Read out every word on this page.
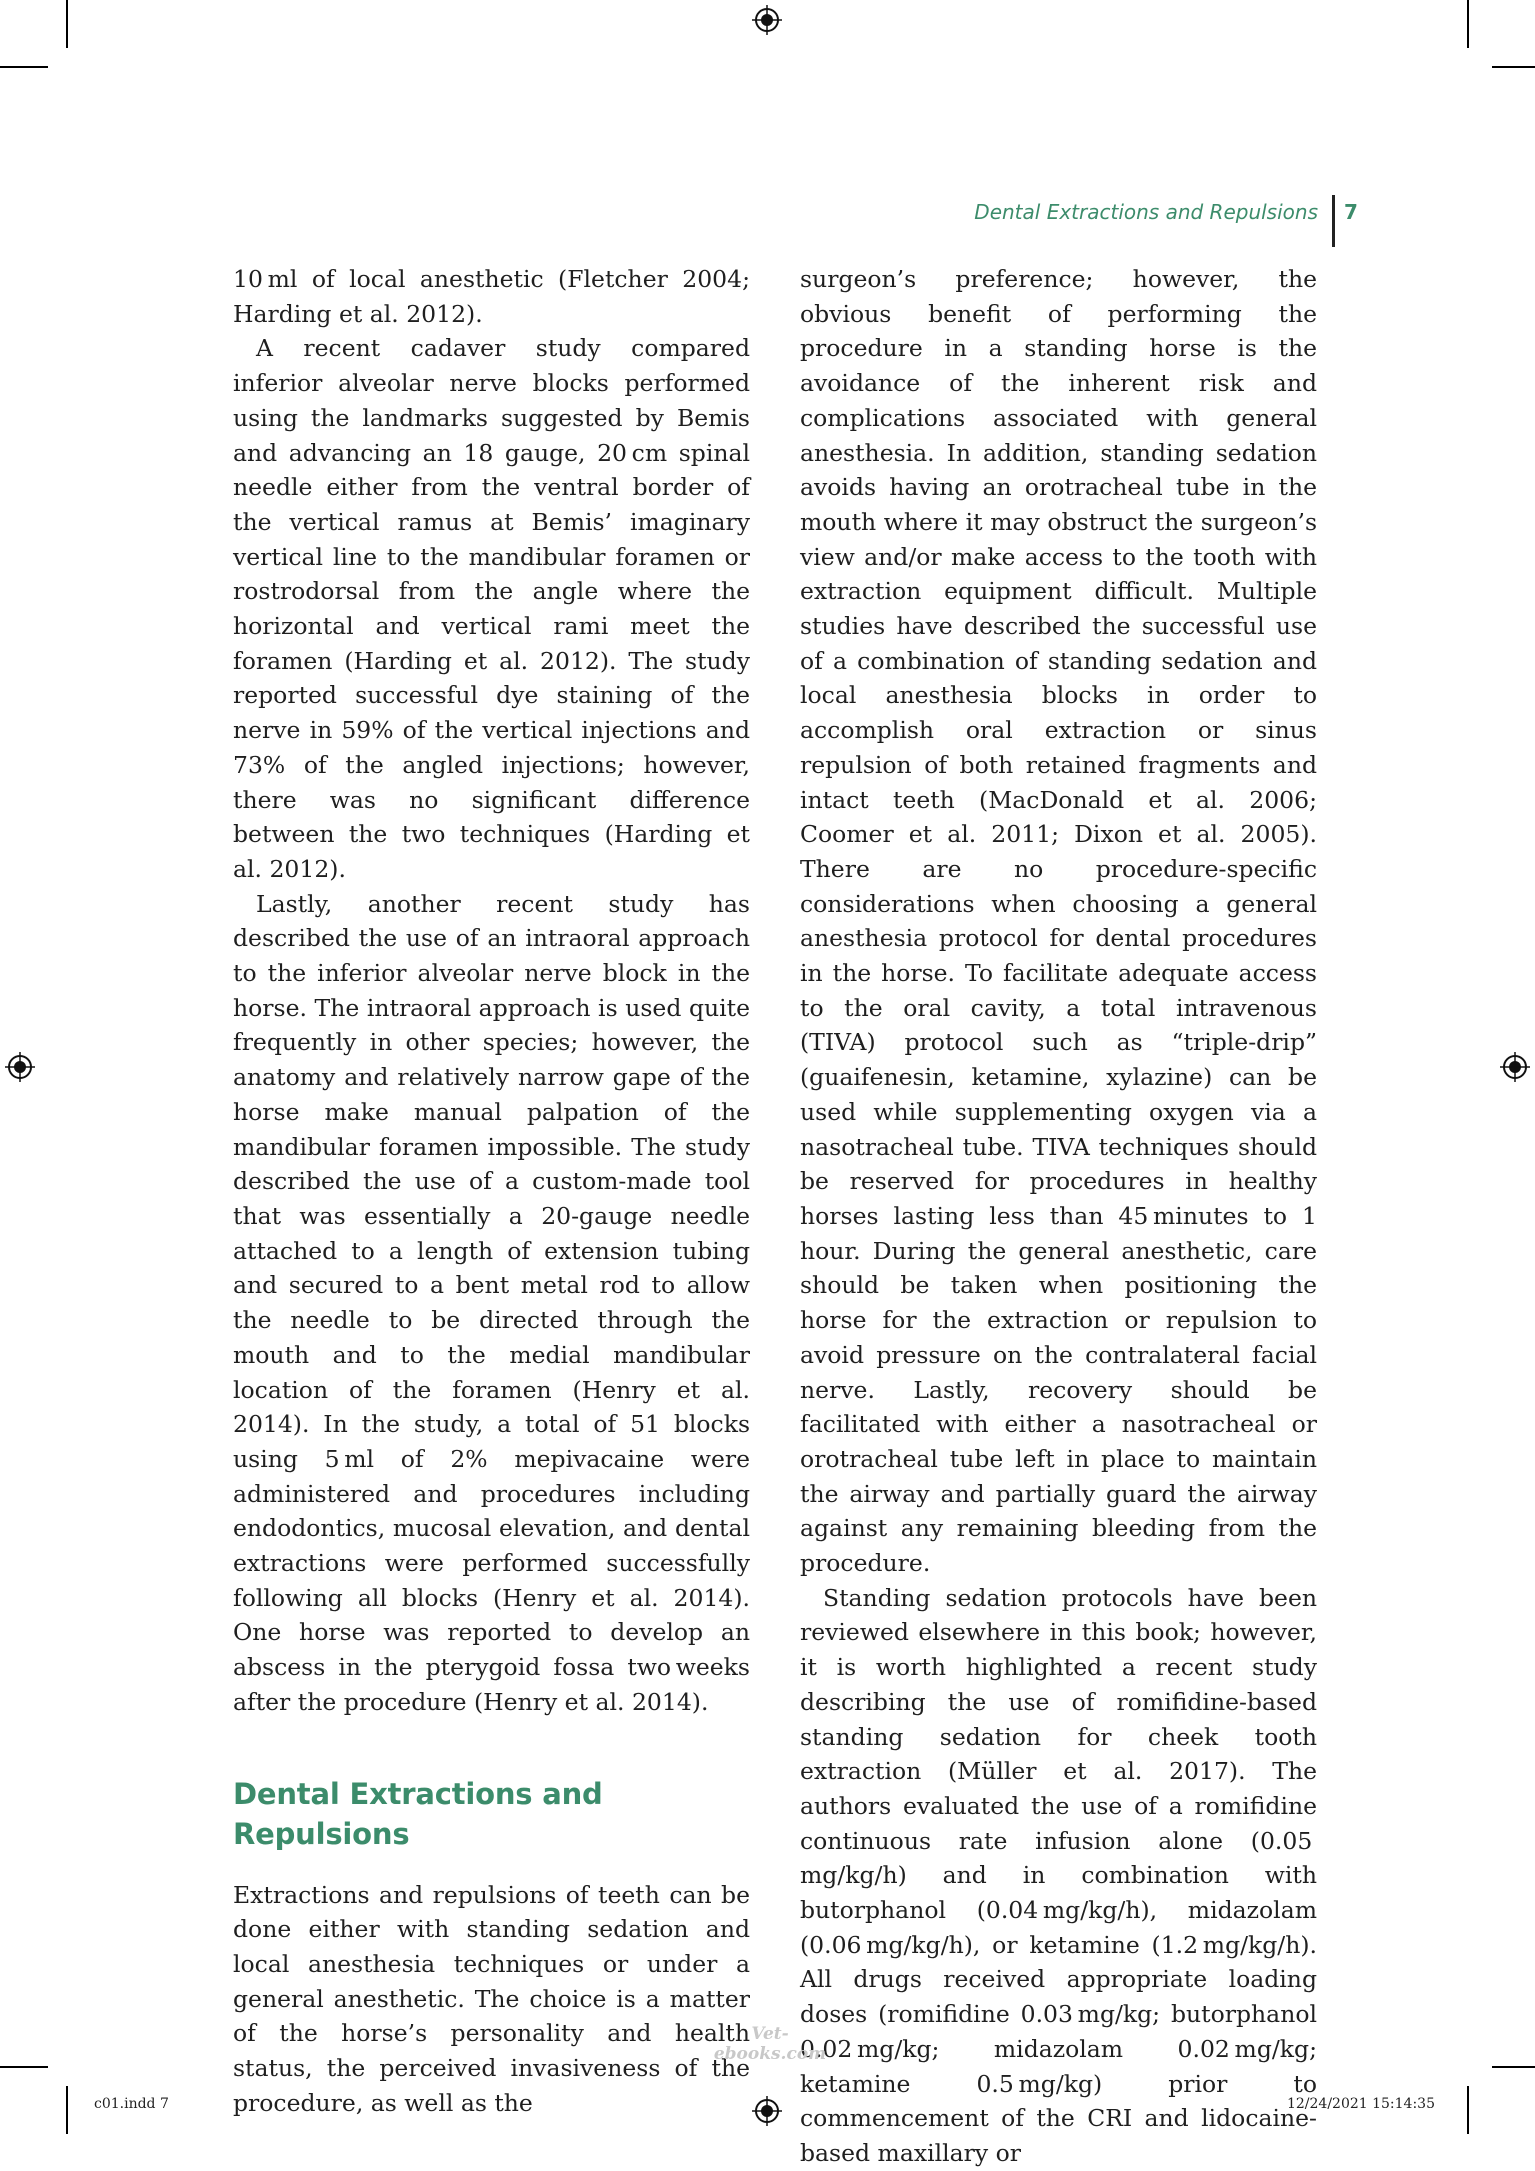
Dental Extractions and Repulsions 7

10 ml of local anesthetic (Fletcher 2004; Harding et al. 2012).

A recent cadaver study compared inferior alveolar nerve blocks performed using the landmarks suggested by Bemis and advancing an 18 gauge, 20 cm spinal needle either from the ventral border of the vertical ramus at Bemis’ imaginary vertical line to the mandibular foramen or rostrodorsal from the angle where the horizontal and vertical rami meet the foramen (Harding et al. 2012). The study reported successful dye staining of the nerve in 59% of the vertical injections and 73% of the angled injections; however, there was no significant difference between the two techniques (Harding et al. 2012).

Lastly, another recent study has described the use of an intraoral approach to the inferior alveolar nerve block in the horse. The intraoral approach is used quite frequently in other species; however, the anatomy and relatively narrow gape of the horse make manual palpation of the mandibular foramen impossible. The study described the use of a custom-made tool that was essentially a 20-gauge needle attached to a length of extension tubing and secured to a bent metal rod to allow the needle to be directed through the mouth and to the medial mandibular location of the foramen (Henry et al. 2014). In the study, a total of 51 blocks using 5 ml of 2% mepivacaine were administered and procedures including endodontics, mucosal elevation, and dental extractions were performed successfully following all blocks (Henry et al. 2014). One horse was reported to develop an abscess in the pterygoid fossa two weeks after the procedure (Henry et al. 2014).

Dental Extractions and Repulsions

Extractions and repulsions of teeth can be done either with standing sedation and local anesthesia techniques or under a general anesthetic. The choice is a matter of the horse’s personality and health status, the perceived invasiveness of the procedure, as well as the

surgeon’s preference; however, the obvious benefit of performing the procedure in a standing horse is the avoidance of the inherent risk and complications associated with general anesthesia. In addition, standing sedation avoids having an orotracheal tube in the mouth where it may obstruct the surgeon’s view and/or make access to the tooth with extraction equipment difficult. Multiple studies have described the successful use of a combination of standing sedation and local anesthesia blocks in order to accomplish oral extraction or sinus repulsion of both retained fragments and intact teeth (MacDonald et al. 2006; Coomer et al. 2011; Dixon et al. 2005). There are no procedure-specific considerations when choosing a general anesthesia protocol for dental procedures in the horse. To facilitate adequate access to the oral cavity, a total intravenous (TIVA) protocol such as “triple-drip” (guaifenesin, ketamine, xylazine) can be used while supplementing oxygen via a nasotracheal tube. TIVA techniques should be reserved for procedures in healthy horses lasting less than 45 minutes to 1 hour. During the general anesthetic, care should be taken when positioning the horse for the extraction or repulsion to avoid pressure on the contralateral facial nerve. Lastly, recovery should be facilitated with either a nasotracheal or orotracheal tube left in place to maintain the airway and partially guard the airway against any remaining bleeding from the procedure.

Standing sedation protocols have been reviewed elsewhere in this book; however, it is worth highlighted a recent study describing the use of romifidine-based standing sedation for cheek tooth extraction (Müller et al. 2017). The authors evaluated the use of a romifidine continuous rate infusion alone (0.05 mg/kg/h) and in combination with butorphanol (0.04 mg/kg/h), midazolam (0.06 mg/kg/h), or ketamine (1.2 mg/kg/h). All drugs received appropriate loading doses (romifidine 0.03 mg/kg; butorphanol 0.02 mg/kg; midazolam 0.02 mg/kg; ketamine 0.5 mg/kg) prior to commencement of the CRI and lidocaine-based maxillary or

Vet-ebooks.com
c01.indd 7	12/24/2021 15:14:35
